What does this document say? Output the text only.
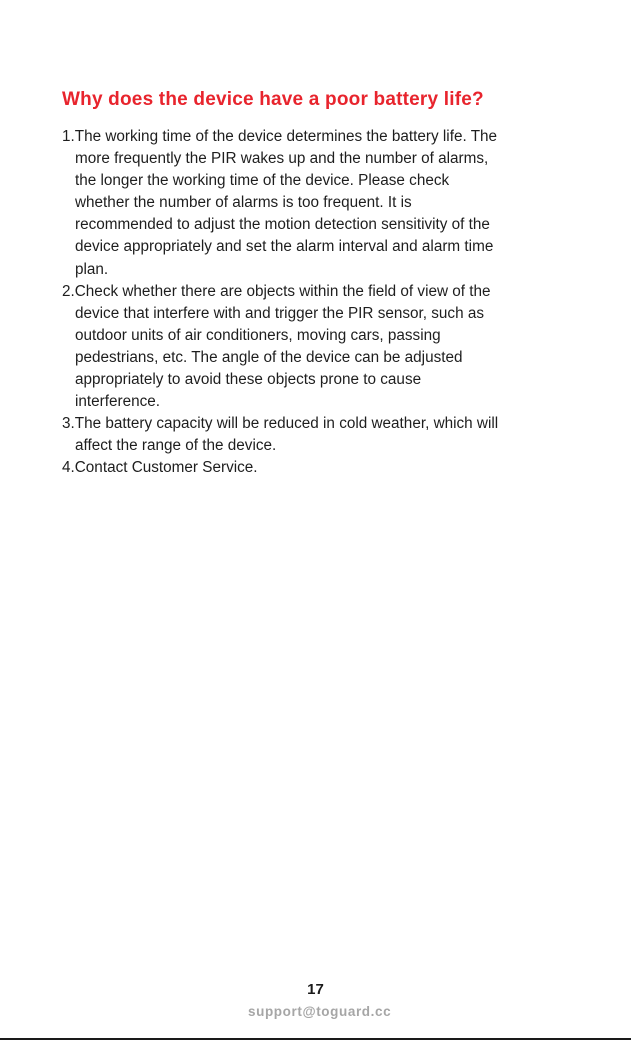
Why does the device have a poor battery life?
1.The working time of the device determines the battery life. The
more frequently the PIR wakes up and the number of alarms,
the longer the working time of the device. Please check
whether the number of alarms is too frequent. It is
recommended to adjust the motion detection sensitivity of the
device appropriately and set the alarm interval and alarm time
plan.
2.Check whether there are objects within the field of view of the
device that interfere with and trigger the PIR sensor, such as
outdoor units of air conditioners, moving cars, passing
pedestrians, etc. The angle of the device can be adjusted
appropriately to avoid these objects prone to cause
interference.
3.The battery capacity will be reduced in cold weather, which will
affect the range of the device.
4.Contact Customer Service.
17
support@toguard.cc
